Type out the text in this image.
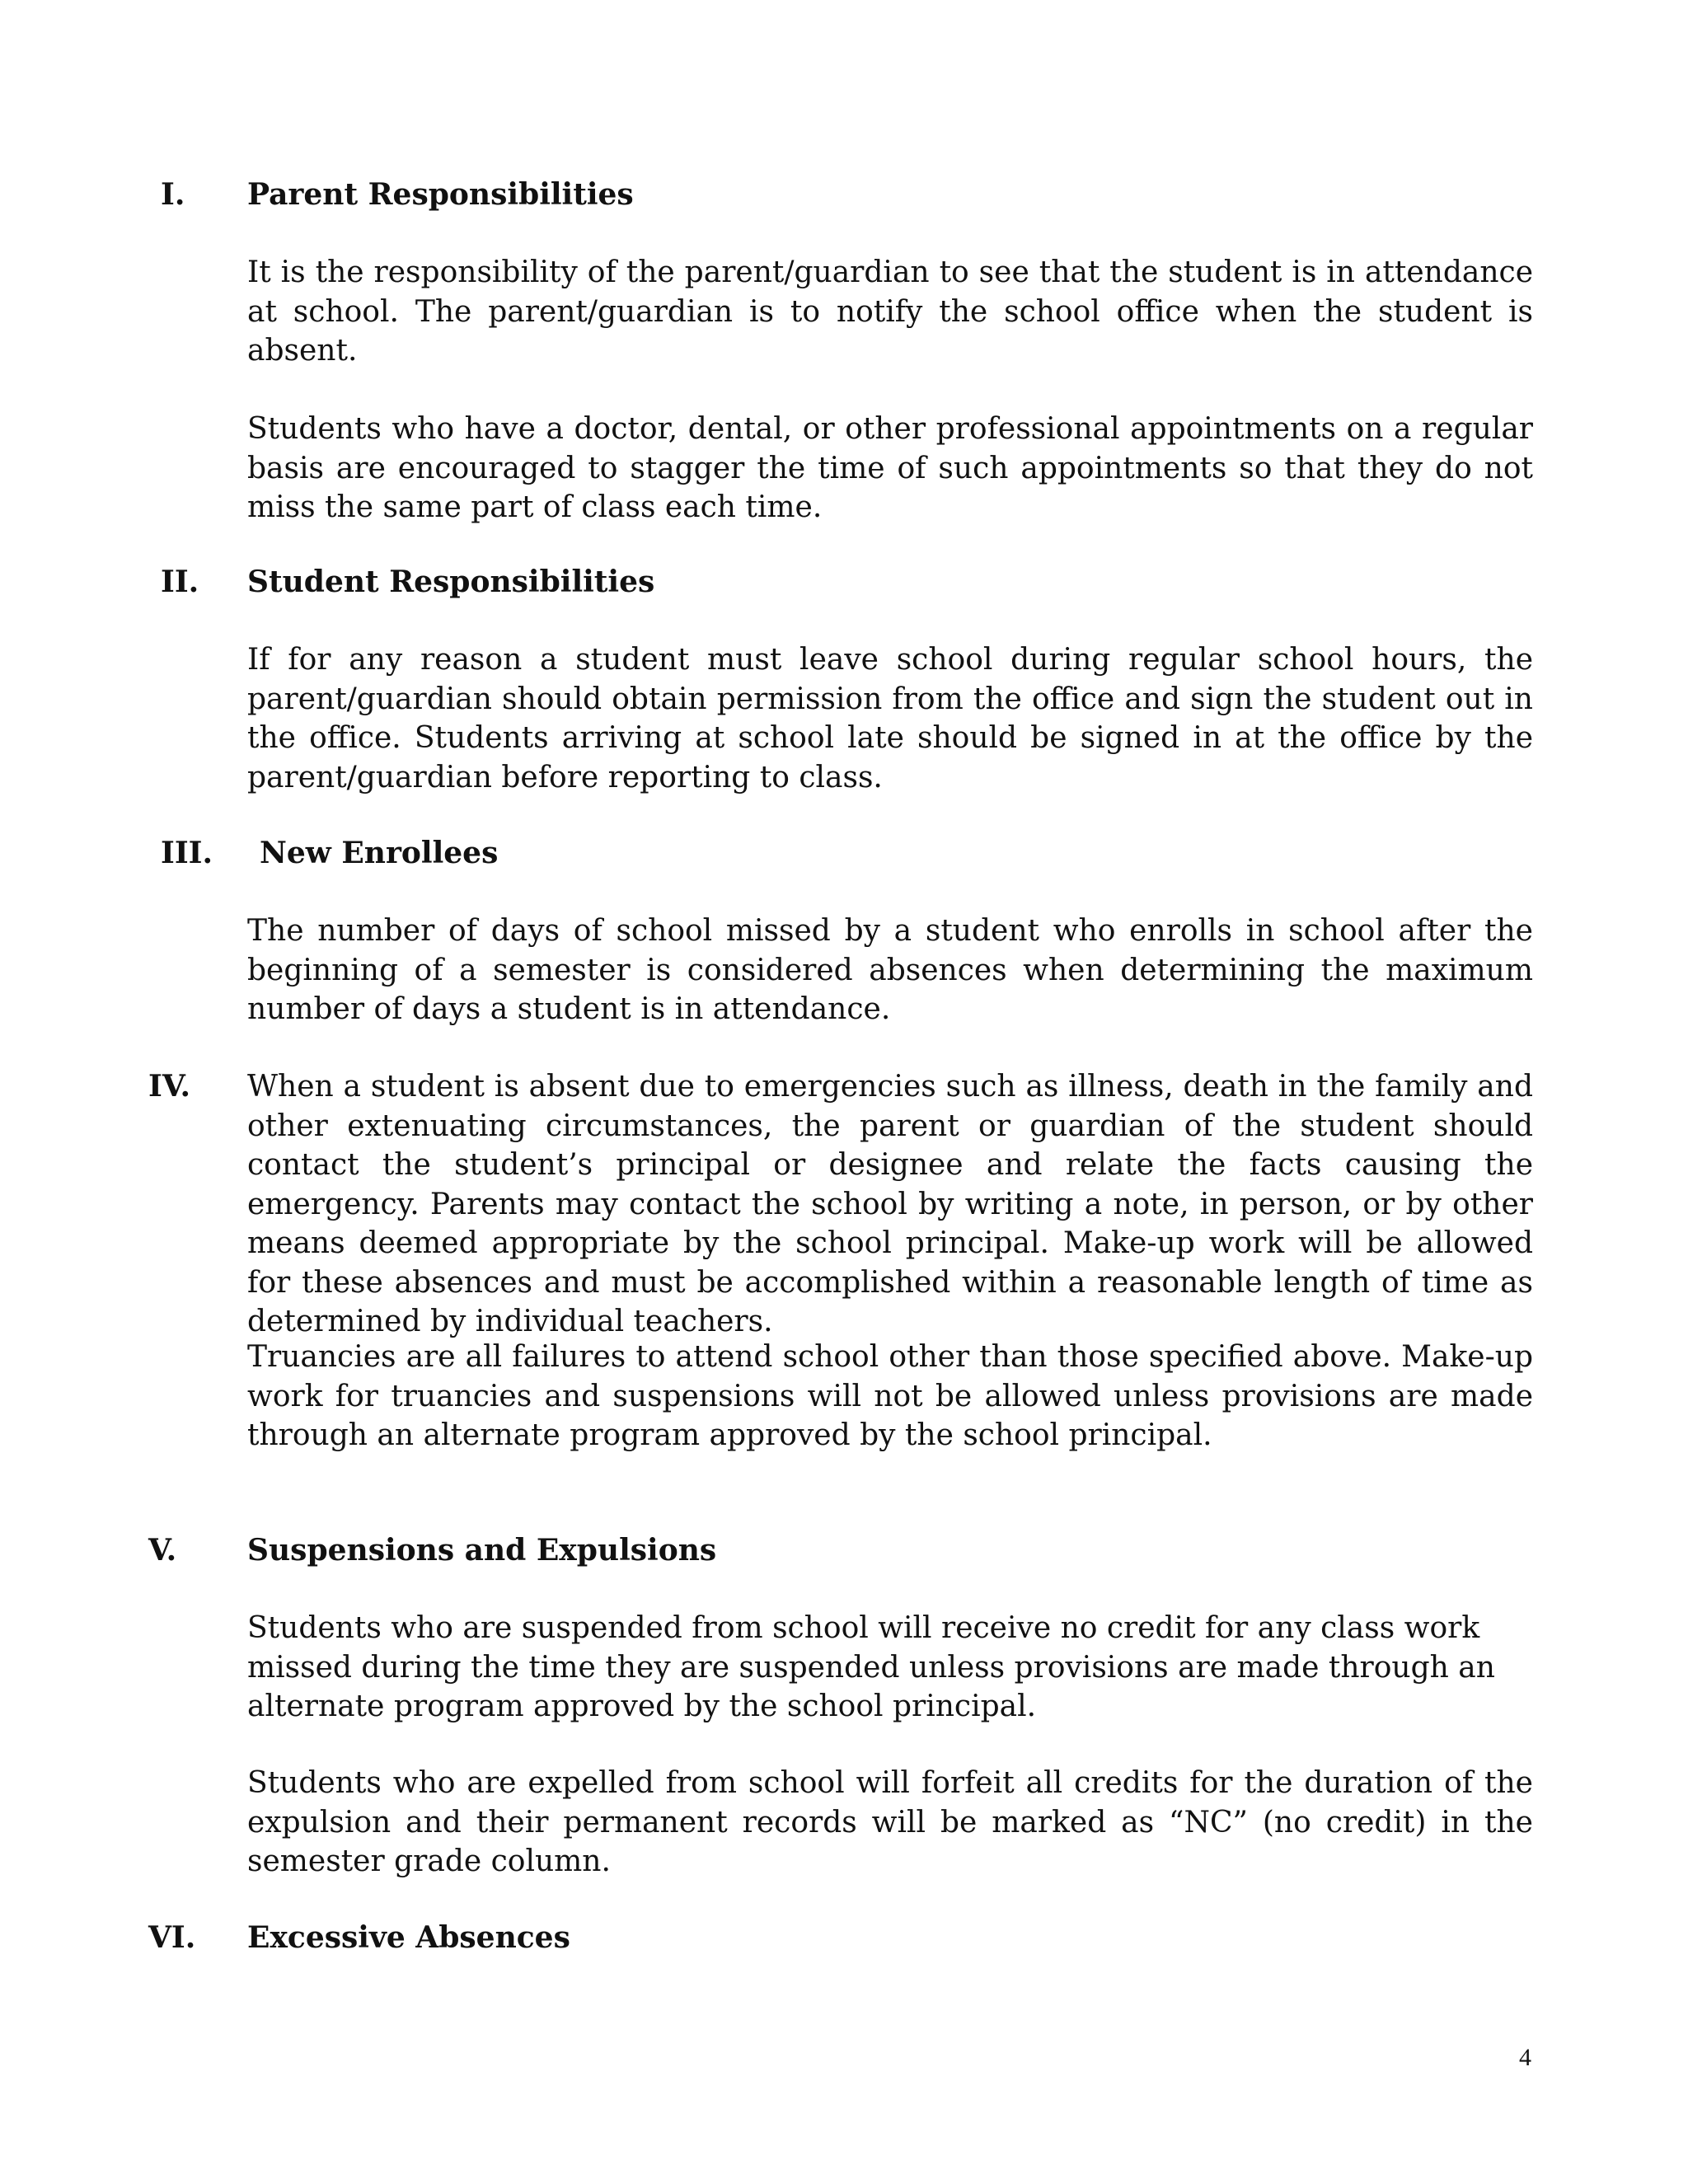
I. Parent Responsibilities

It is the responsibility of the parent/guardian to see that the student is in attendance at school. The parent/guardian is to notify the school office when the student is absent.

Students who have a doctor, dental, or other professional appointments on a regular basis are encouraged to stagger the time of such appointments so that they do not miss the same part of class each time.

II. Student Responsibilities

If for any reason a student must leave school during regular school hours, the parent/guardian should obtain permission from the office and sign the student out in the office. Students arriving at school late should be signed in at the office by the parent/guardian before reporting to class.

III. New Enrollees

The number of days of school missed by a student who enrolls in school after the beginning of a semester is considered absences when determining the maximum number of days a student is in attendance.

IV. When a student is absent due to emergencies such as illness, death in the family and other extenuating circumstances, the parent or guardian of the student should contact the student’s principal or designee and relate the facts causing the emergency. Parents may contact the school by writing a note, in person, or by other means deemed appropriate by the school principal. Make-up work will be allowed for these absences and must be accomplished within a reasonable length of time as determined by individual teachers.

Truancies are all failures to attend school other than those specified above. Make-up work for truancies and suspensions will not be allowed unless provisions are made through an alternate program approved by the school principal.

V. Suspensions and Expulsions

Students who are suspended from school will receive no credit for any class work missed during the time they are suspended unless provisions are made through an alternate program approved by the school principal.

Students who are expelled from school will forfeit all credits for the duration of the expulsion and their permanent records will be marked as “NC” (no credit) in the semester grade column.

VI. Excessive Absences
4
